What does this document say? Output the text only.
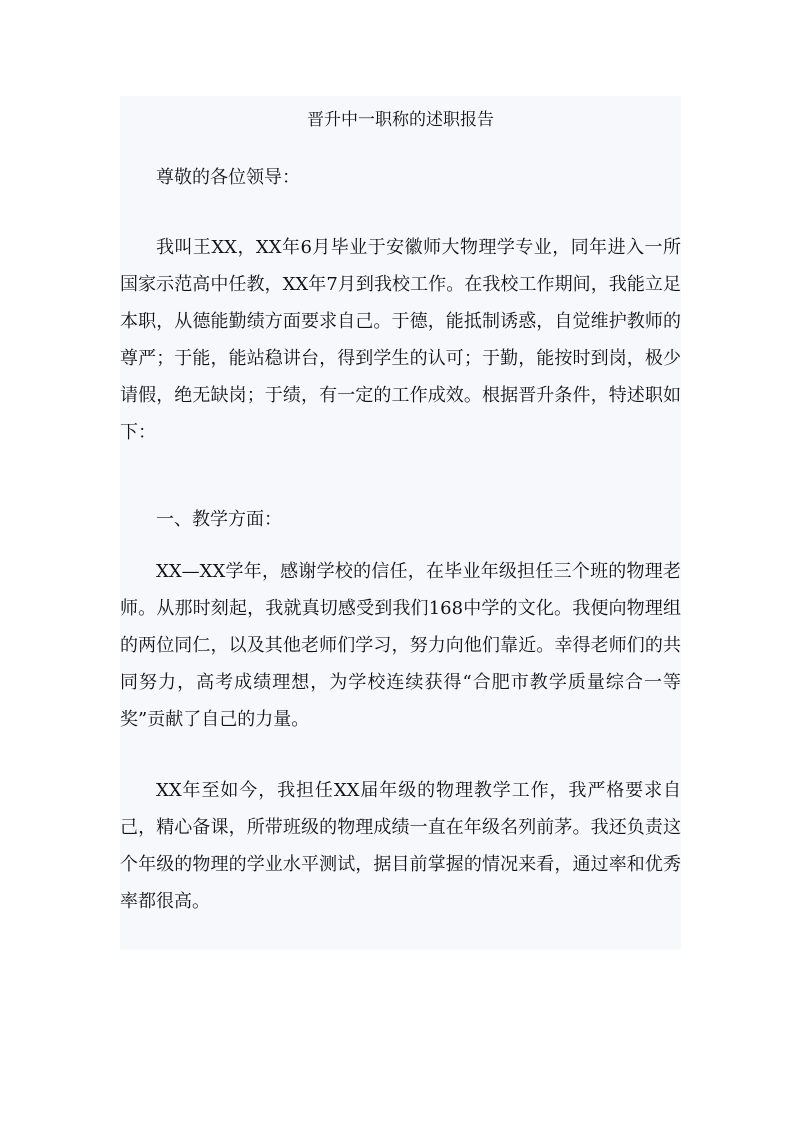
晋升中一职称的述职报告

尊敬的各位领导：

我叫王XX，XX年6月毕业于安徽师大物理学专业，同年进入一所国家示范高中任教，XX年7月到我校工作。在我校工作期间，我能立足本职，从德能勤绩方面要求自己。于德，能抵制诱惑，自觉维护教师的尊严；于能，能站稳讲台，得到学生的认可；于勤，能按时到岗，极少请假，绝无缺岗；于绩，有一定的工作成效。根据晋升条件，特述职如下：

一、教学方面：

XX—XX学年，感谢学校的信任，在毕业年级担任三个班的物理老师。从那时刻起，我就真切感受到我们168中学的文化。我便向物理组的两位同仁，以及其他老师们学习，努力向他们靠近。幸得老师们的共同努力，高考成绩理想，为学校连续获得“合肥市教学质量综合一等奖”贡献了自己的力量。

XX年至如今，我担任XX届年级的物理教学工作，我严格要求自己，精心备课，所带班级的物理成绩一直在年级名列前茅。我还负责这个年级的物理的学业水平测试，据目前掌握的情况来看，通过率和优秀率都很高。
